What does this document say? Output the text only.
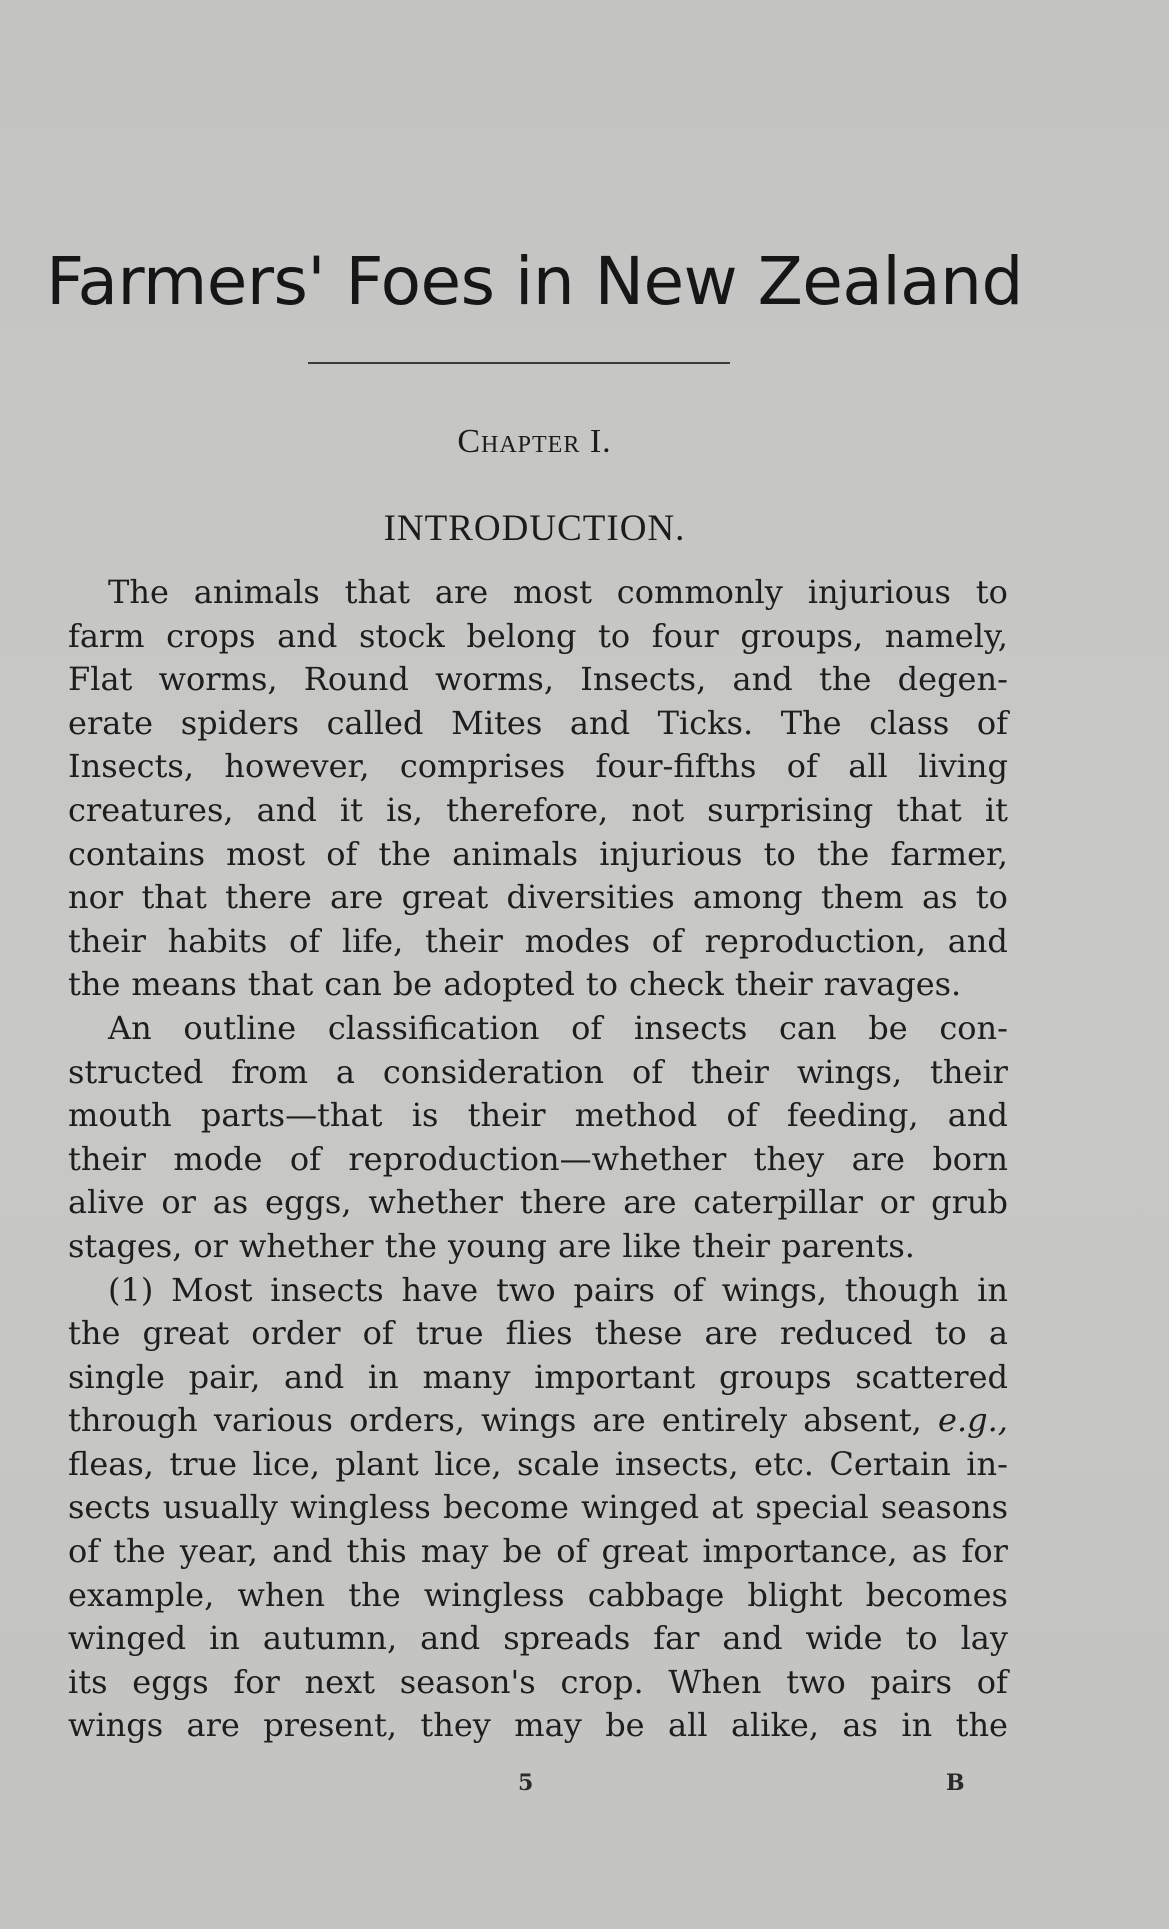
Farmers' Foes in New Zealand
Chapter I.
INTRODUCTION.
The animals that are most commonly injurious to
farm crops and stock belong to four groups, namely,
Flat worms, Round worms, Insects, and the degen-
erate spiders called Mites and Ticks. The class of
Insects, however, comprises four-fifths of all living
creatures, and it is, therefore, not surprising that it
contains most of the animals injurious to the farmer,
nor that there are great diversities among them as to
their habits of life, their modes of reproduction, and
the means that can be adopted to check their ravages.
An outline classification of insects can be con-
structed from a consideration of their wings, their
mouth parts—that is their method of feeding, and
their mode of reproduction—whether they are born
alive or as eggs, whether there are caterpillar or grub
stages, or whether the young are like their parents.
(1) Most insects have two pairs of wings, though in
the great order of true flies these are reduced to a
single pair, and in many important groups scattered
through various orders, wings are entirely absent, e.g.,
fleas, true lice, plant lice, scale insects, etc. Certain in-
sects usually wingless become winged at special seasons
of the year, and this may be of great importance, as for
example, when the wingless cabbage blight becomes
winged in autumn, and spreads far and wide to lay
its eggs for next season's crop. When two pairs of
wings are present, they may be all alike, as in the
5	B
